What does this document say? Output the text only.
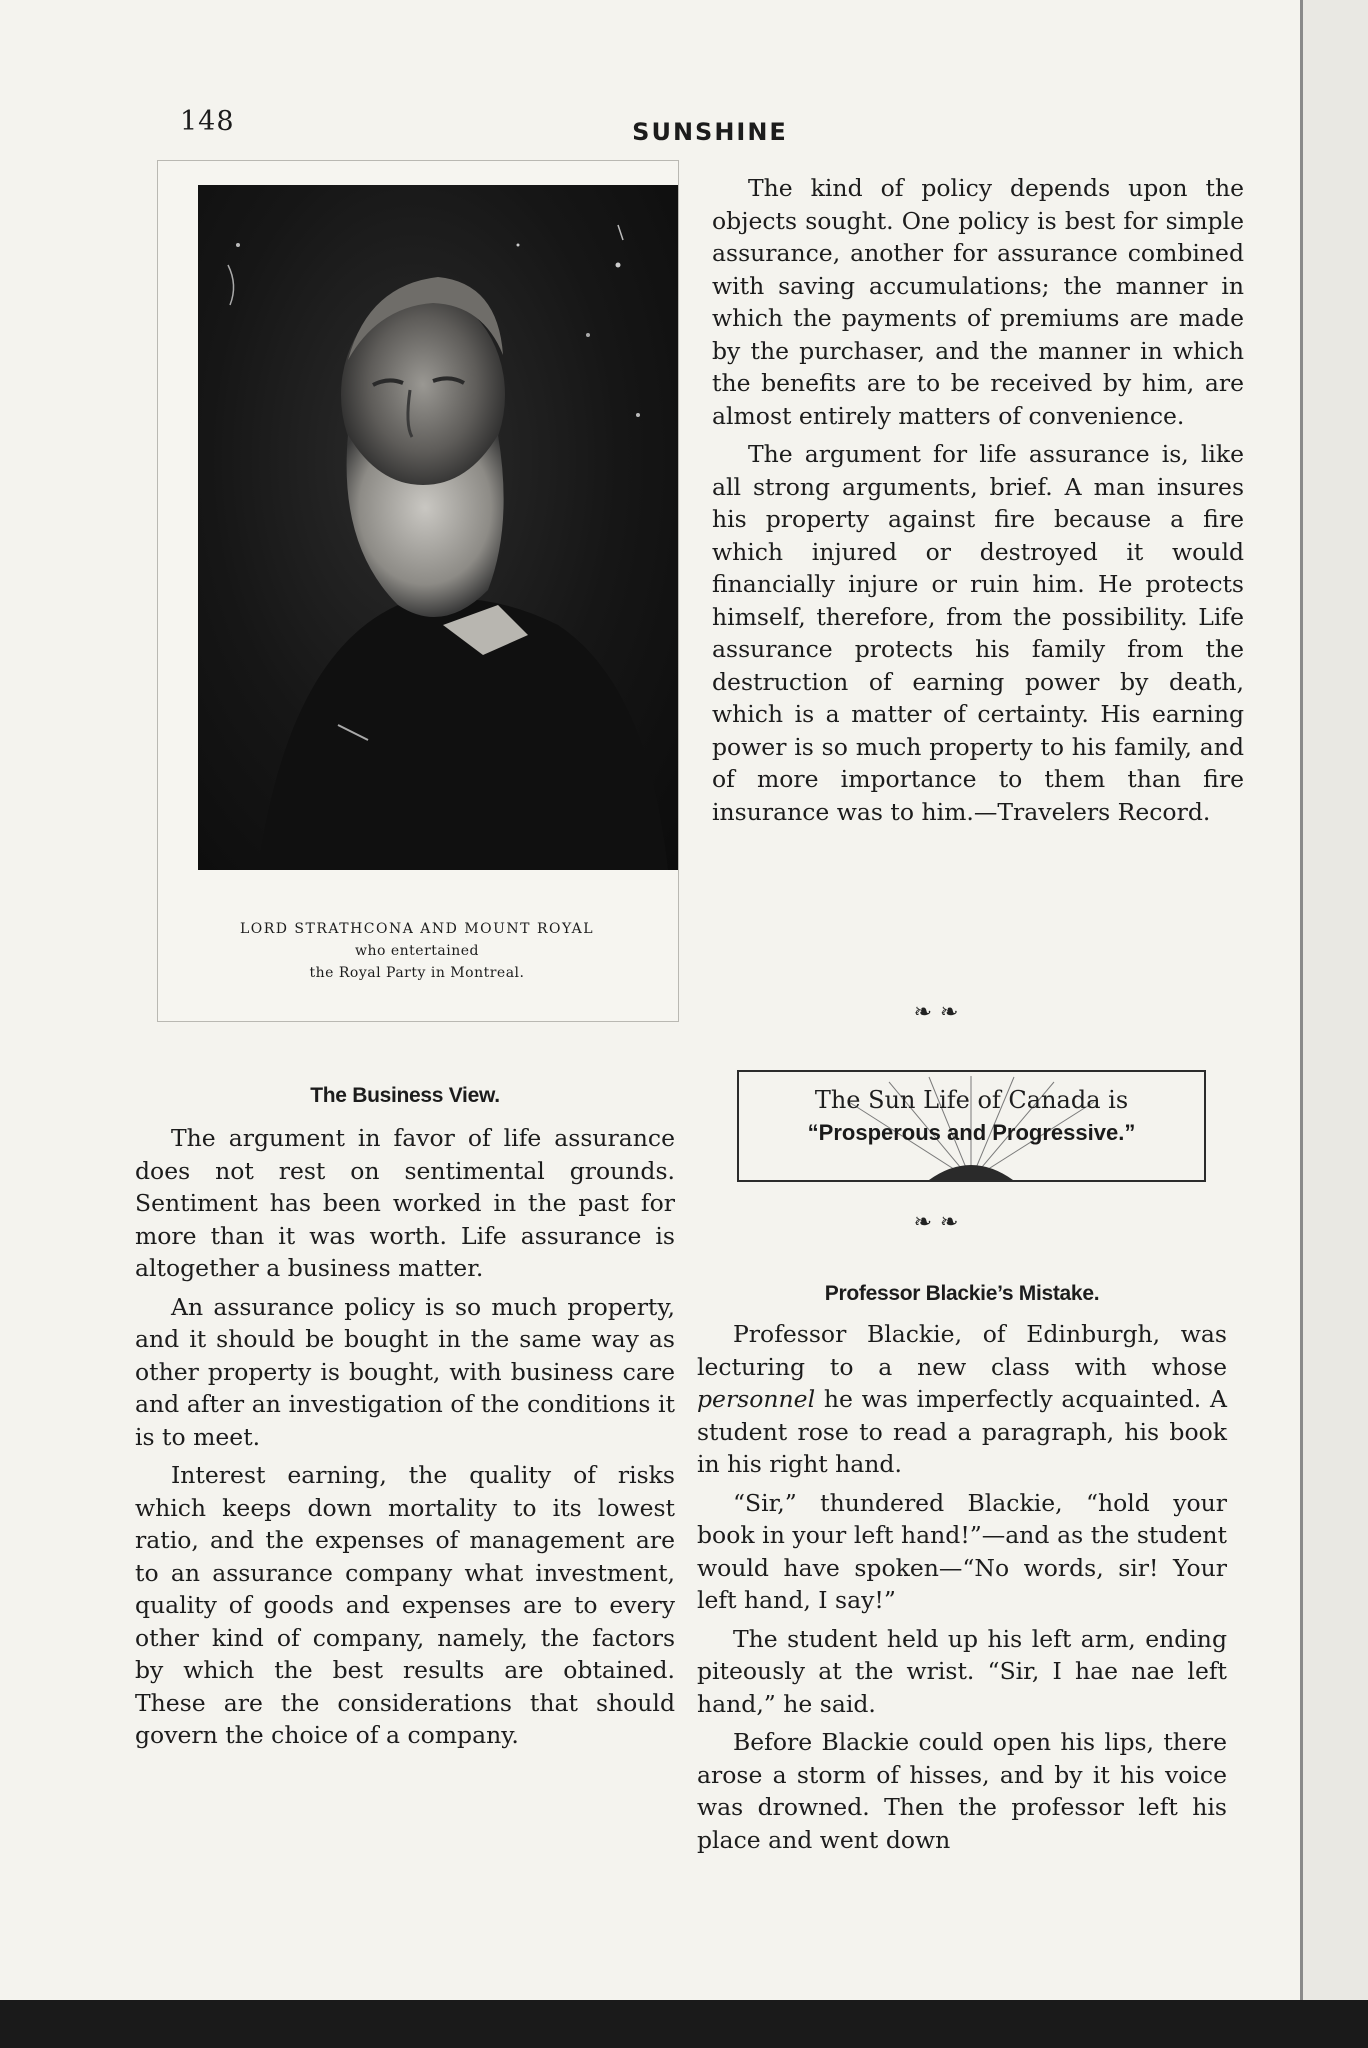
148	SUNSHINE
LORD STRATHCONA AND MOUNT ROYAL
who entertained
the Royal Party in Montreal.

The kind of policy depends upon the objects sought. One policy is best for simple assurance, another for assurance combined with saving accumulations; the manner in which the payments of premiums are made by the purchaser, and the manner in which the benefits are to be received by him, are almost entirely matters of convenience.

The argument for life assurance is, like all strong arguments, brief. A man insures his property against fire because a fire which injured or destroyed it would financially injure or ruin him. He protects himself, therefore, from the possibility. Life assurance protects his family from the destruction of earning power by death, which is a matter of certainty. His earning power is so much property to his family, and of more importance to them than fire insurance was to him.—Travelers Record.

❧❧
The Sun Life of Canada is
“Prosperous and Progressive.”
❧❧
The Business View.

The argument in favor of life assurance does not rest on sentimental grounds. Sentiment has been worked in the past for more than it was worth. Life assurance is altogether a business matter.

An assurance policy is so much property, and it should be bought in the same way as other property is bought, with business care and after an investigation of the conditions it is to meet.

Interest earning, the quality of risks which keeps down mortality to its lowest ratio, and the expenses of management are to an assurance company what investment, quality of goods and expenses are to every other kind of company, namely, the factors by which the best results are obtained. These are the considerations that should govern the choice of a company.

Professor Blackie’s Mistake.

Professor Blackie, of Edinburgh, was lecturing to a new class with whose personnel he was imperfectly acquainted. A student rose to read a paragraph, his book in his right hand.

“Sir,” thundered Blackie, “hold your book in your left hand!”—and as the student would have spoken—“No words, sir! Your left hand, I say!”

The student held up his left arm, ending piteously at the wrist. “Sir, I hae nae left hand,” he said.

Before Blackie could open his lips, there arose a storm of hisses, and by it his voice was drowned. Then the professor left his place and went down
